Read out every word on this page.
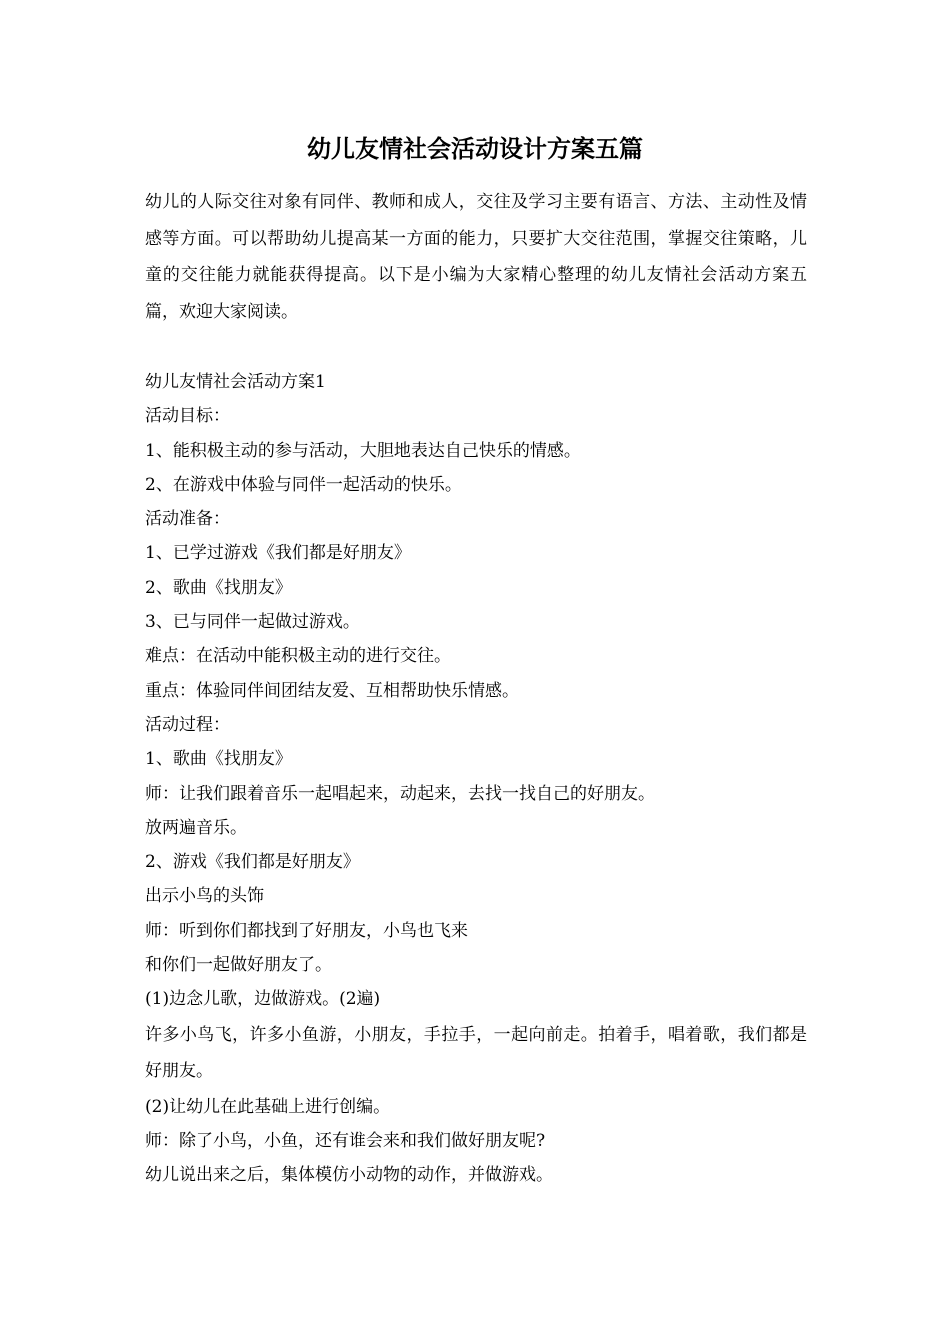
幼儿友情社会活动设计方案五篇

幼儿的人际交往对象有同伴、教师和成人，交往及学习主要有语言、方法、主动性及情感等方面。可以帮助幼儿提高某一方面的能力，只要扩大交往范围，掌握交往策略，儿童的交往能力就能获得提高。以下是小编为大家精心整理的幼儿友情社会活动方案五篇，欢迎大家阅读。

幼儿友情社会活动方案1

活动目标：

1、能积极主动的参与活动，大胆地表达自己快乐的情感。

2、在游戏中体验与同伴一起活动的快乐。

活动准备：

1、已学过游戏《我们都是好朋友》

2、歌曲《找朋友》

3、已与同伴一起做过游戏。

难点：在活动中能积极主动的进行交往。

重点：体验同伴间团结友爱、互相帮助快乐情感。

活动过程：

1、歌曲《找朋友》

师：让我们跟着音乐一起唱起来，动起来，去找一找自己的好朋友。

放两遍音乐。

2、游戏《我们都是好朋友》

出示小鸟的头饰

师：听到你们都找到了好朋友，小鸟也飞来

和你们一起做好朋友了。

(1)边念儿歌，边做游戏。(2遍)

许多小鸟飞，许多小鱼游，小朋友，手拉手，一起向前走。拍着手，唱着歌，我们都是好朋友。

(2)让幼儿在此基础上进行创编。

师：除了小鸟，小鱼，还有谁会来和我们做好朋友呢?

幼儿说出来之后，集体模仿小动物的动作，并做游戏。
